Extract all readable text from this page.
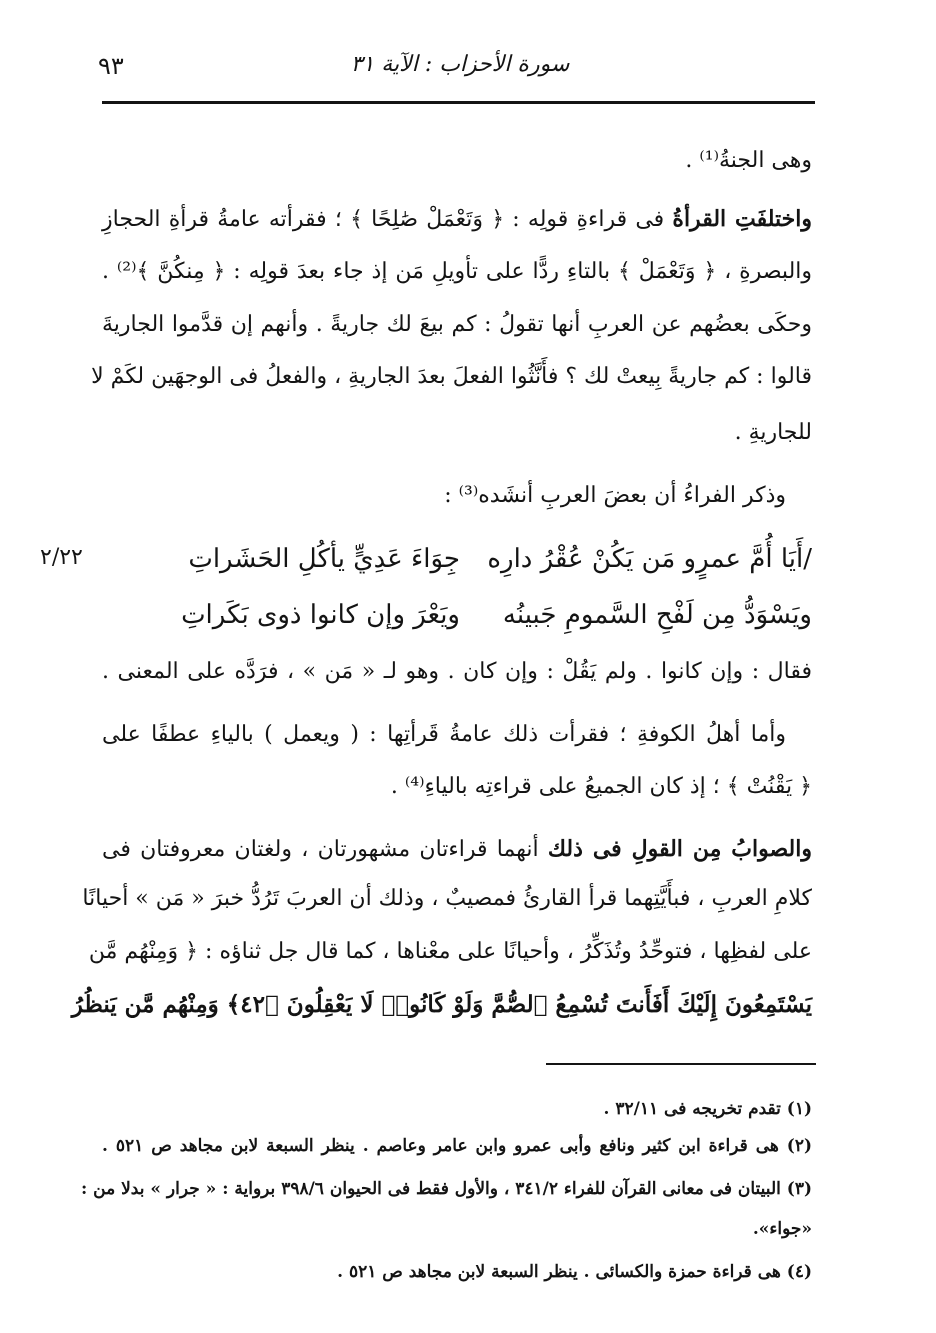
سورة الأحزاب : الآية ٣١
٩٣
وهى الجنةُ⁽¹⁾ .
واختلفَتِ القرأةُ فى قراءةِ قولِه : ﴿ وَتَعْمَلْ صَٰلِحًا ﴾ ؛ فقرأته عامةُ قرأةِ الحجازِ
والبصرةِ ، ﴿ وَتَعْمَلْ ﴾ بالتاءِ ردًّا على تأويلِ مَن إذ جاء بعدَ قولِه : ﴿ مِنكُنَّ ﴾⁽²⁾ .
وحكَى بعضُهم عن العربِ أنها تقولُ : كم بيعَ لك جاريةً . وأنهم إن قدَّموا الجاريةَ
قالوا : كم جاريةً بِيعتْ لك ؟ فأَنَّثُوا الفعلَ بعدَ الجاريةِ ، والفعلُ فى الوجهَين لكَمْ لا
للجاريةِ .
وذكر الفراءُ أن بعضَ العربِ أنشَده⁽³⁾ :
٢/٢٢	/أَيَا أُمَّ عمرٍو مَن يَكُنْ عُقْرُ دارِه
جِوَاءَ عَدِيٍّ يأكُلِ الحَشَراتِ
ويَسْوَدُّ مِن لَفْحِ السَّمومِ جَبينُه
ويَعْرَ وإن كانوا ذوى بَكَراتِ
فقال : وإن كانوا . ولم يَقُلْ : وإن كان . وهو لـ « مَن » ، فرَدَّه على المعنى .
وأما أهلُ الكوفةِ ؛ فقرأت ذلك عامةُ قَرأتِها : ( ويعمل ) بالياءِ عطفًا على
﴿ يَقْنُتْ ﴾ ؛ إذ كان الجميعُ على قراءتِه بالياءِ⁽⁴⁾ .
والصوابُ مِن القولِ فى ذلك أنهما قراءتان مشهورتان ، ولغتان معروفتان فى
كلامِ العربِ ، فبأَيَّتِهما قرأ القارئُ فمصيبٌ ، وذلك أن العربَ تَرُدُّ خبرَ « مَن » أحيانًا
على لفظِها ، فتوحِّدُ وتُذَكِّرُ ، وأحيانًا على معْناها ، كما قال جل ثناؤه : ﴿ وَمِنْهُم مَّن
يَسْتَمِعُونَ إِلَيْكَ أَفَأَنتَ تُسْمِعُ ٱلصُّمَّ وَلَوْ كَانُوا۟ لَا يَعْقِلُونَ ﴿٤٢﴾ وَمِنْهُم مَّن يَنظُرُ
(١) تقدم تخريجه فى ٣٢/١١ .
(٢) هى قراءة ابن كثير ونافع وأبى عمرو وابن عامر وعاصم . ينظر السبعة لابن مجاهد ص ٥٢١ .
(٣) البيتان فى معانى القرآن للفراء ٣٤١/٢ ، والأول فقط فى الحيوان ٣٩٨/٦ برواية : « جرار » بدلا من :
«جواء».
(٤) هى قراءة حمزة والكسائى . ينظر السبعة لابن مجاهد ص ٥٢١ .
